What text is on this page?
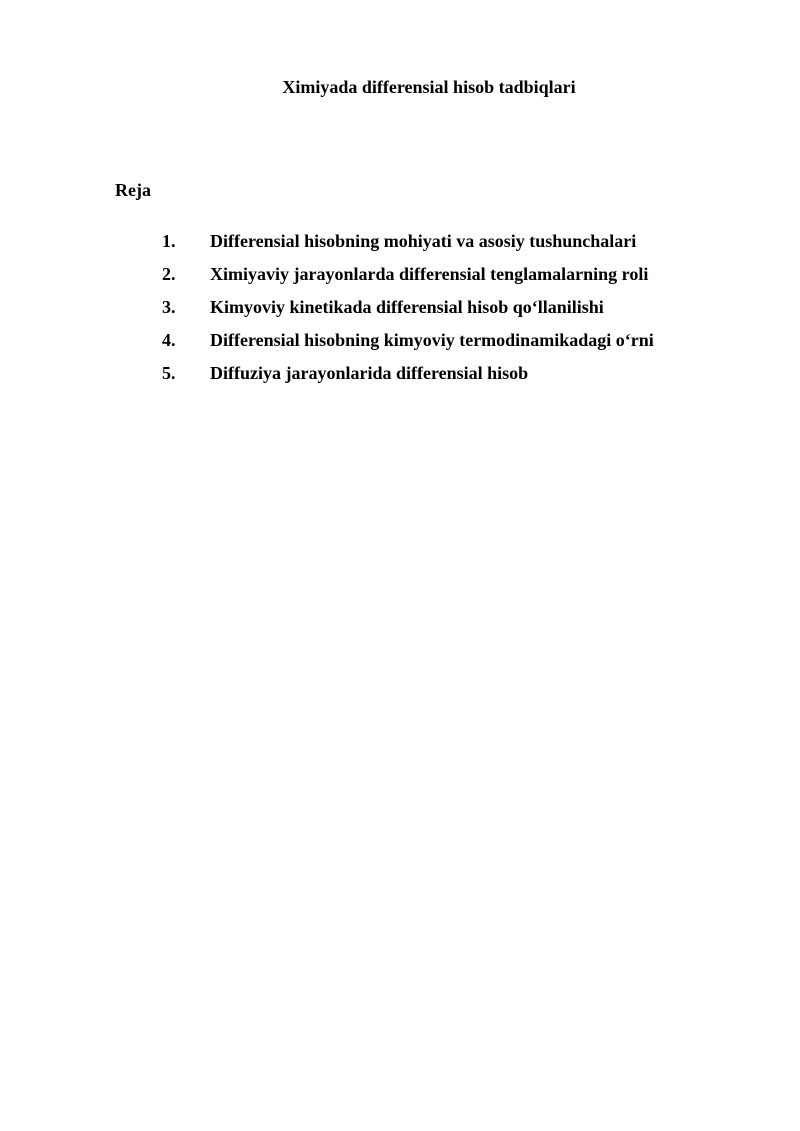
Ximiyada differensial hisob tadbiqlari
Reja
1. Differensial hisobning mohiyati va asosiy tushunchalari
2. Ximiyaviy jarayonlarda differensial tenglamalarning roli
3. Kimyoviy kinetikada differensial hisob qo‘llanilishi
4. Differensial hisobning kimyoviy termodinamikadagi o‘rni
5. Diffuziya jarayonlarida differensial hisob
